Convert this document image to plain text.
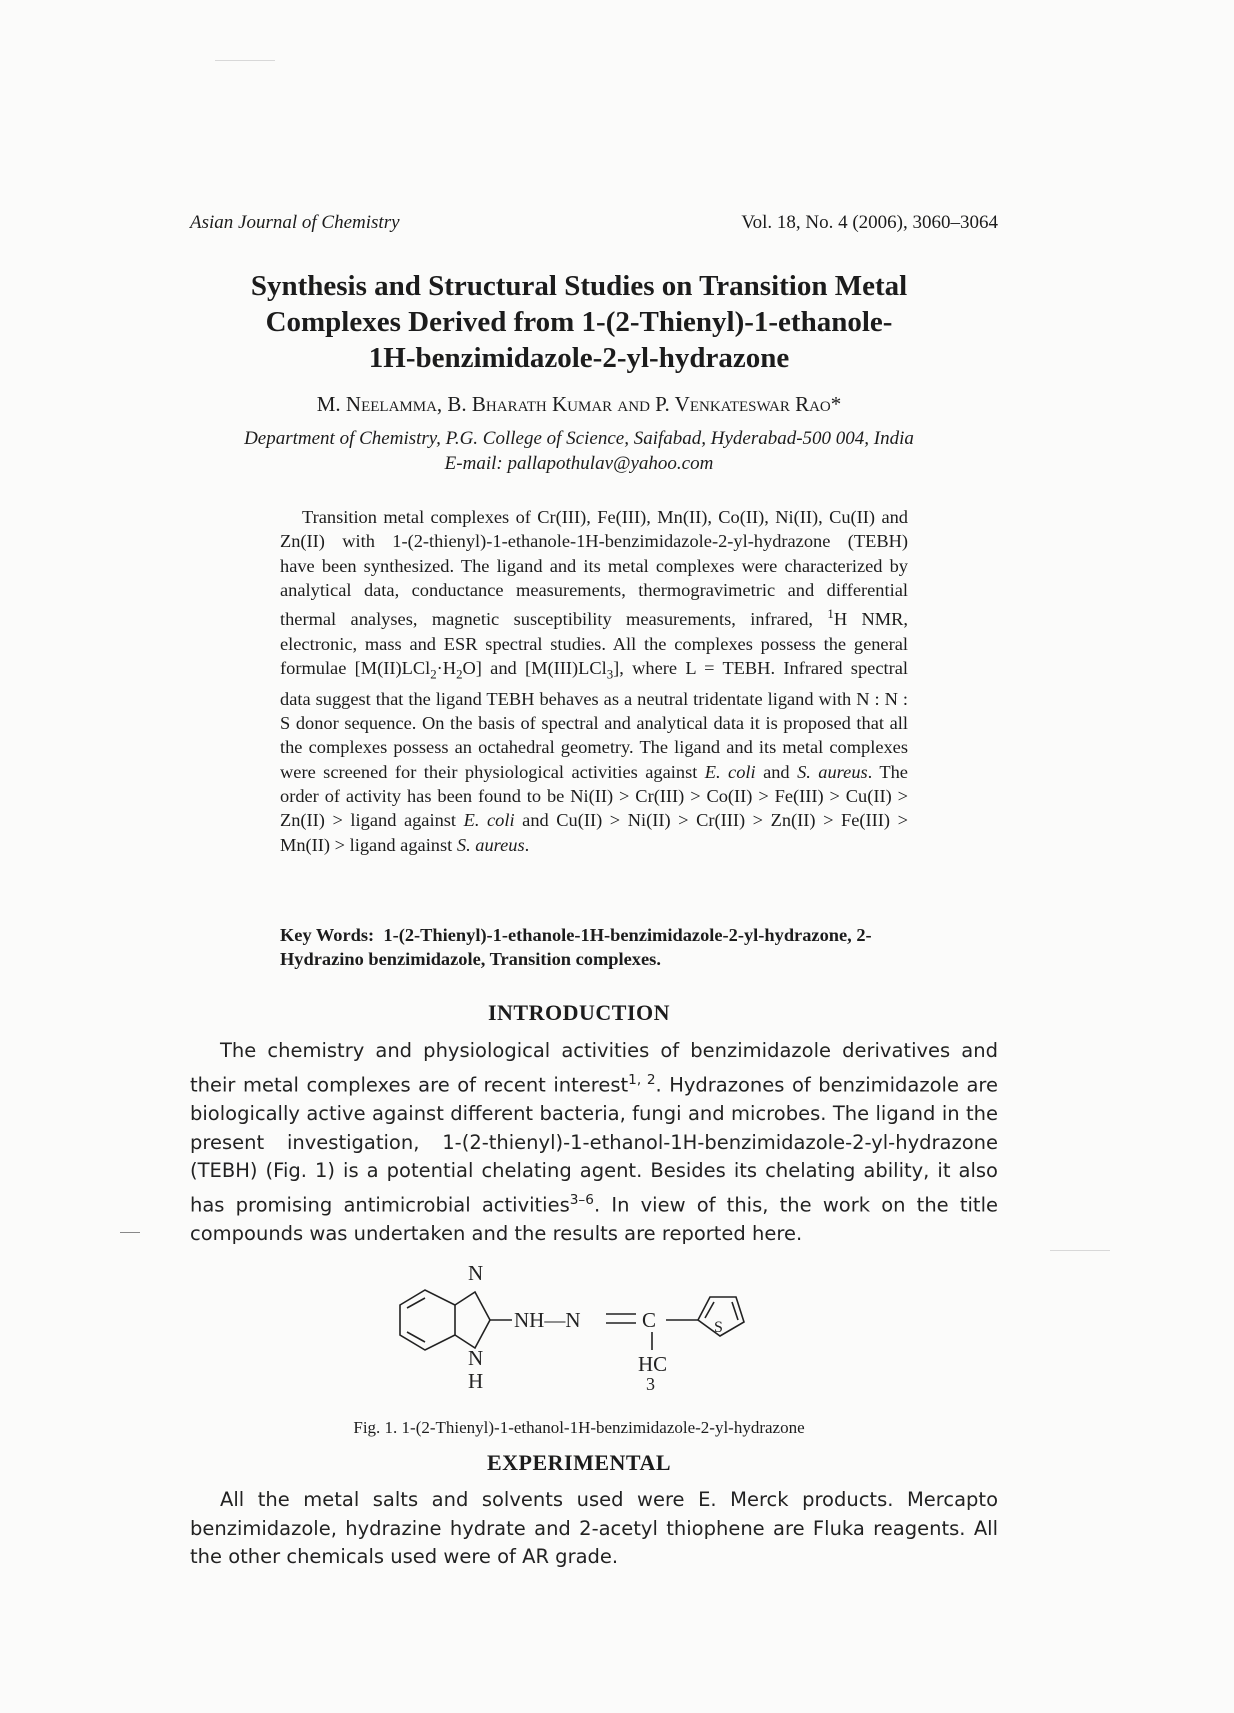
Asian Journal of Chemistry	Vol. 18, No. 4 (2006), 3060–3064
Synthesis and Structural Studies on Transition Metal
Complexes Derived from 1-(2-Thienyl)-1-ethanole-
1H-benzimidazole-2-yl-hydrazone
M. Neelamma, B. Bharath Kumar and P. Venkateswar Rao*
Department of Chemistry, P.G. College of Science, Saifabad, Hyderabad-500 004, India
E-mail: pallapothulav@yahoo.com

Transition metal complexes of Cr(III), Fe(III), Mn(II), Co(II), Ni(II), Cu(II) and Zn(II) with 1-(2-thienyl)-1-ethanole-1H-benzimidazole-2-yl-hydrazone (TEBH) have been synthesized. The ligand and its metal complexes were characterized by analytical data, conductance measurements, thermogravimetric and differential thermal analyses, magnetic susceptibility measurements, infrared, $^1$H NMR, electronic, mass and ESR spectral studies. All the complexes possess the general formulae $[M(II)LCl_2\cdot H_2O]$ and [M(III)LCl$_3$], where L = TEBH. Infrared spectral data suggest that the ligand TEBH behaves as a neutral tridentate ligand with N : N : S donor sequence. On the basis of spectral and analytical data it is proposed that all the complexes possess an octahedral geometry. The ligand and its metal complexes were screened for their physiological activities against E. coli and S. aureus. The order of activity has been found to be Ni(II) > Cr(III) > Co(II) > Fe(III) > Cu(II) > Zn(II) > ligand against E. coli and Cu(II) > Ni(II) > Cr(III) > Zn(II) > Fe(III) > Mn(II) > ligand against S. aureus.

Key Words: 1-(2-Thienyl)-1-ethanole-1H-benzimidazole-2-yl-hydrazone, 2-Hydrazino benzimidazole, Transition complexes.
INTRODUCTION

The chemistry and physiological activities of benzimidazole derivatives and their metal complexes are of recent interest$^{1, 2}$. Hydrazones of benzimidazole are biologically active against different bacteria, fungi and microbes. The ligand in the present investigation, 1-(2-thienyl)-1-ethanol-1H-benzimidazole-2-yl-hydrazone (TEBH) (Fig. 1) is a potential chelating agent. Besides its chelating ability, it also has promising antimicrobial activities$^{3-6}$. In view of this, the work on the title compounds was undertaken and the results are reported here.

N
N
H
NH—N	C	S
HC
3
Fig. 1. 1-(2-Thienyl)-1-ethanol-1H-benzimidazole-2-yl-hydrazone
EXPERIMENTAL

All the metal salts and solvents used were E. Merck products. Mercapto benzimidazole, hydrazine hydrate and 2-acetyl thiophene are Fluka reagents. All the other chemicals used were of AR grade.
